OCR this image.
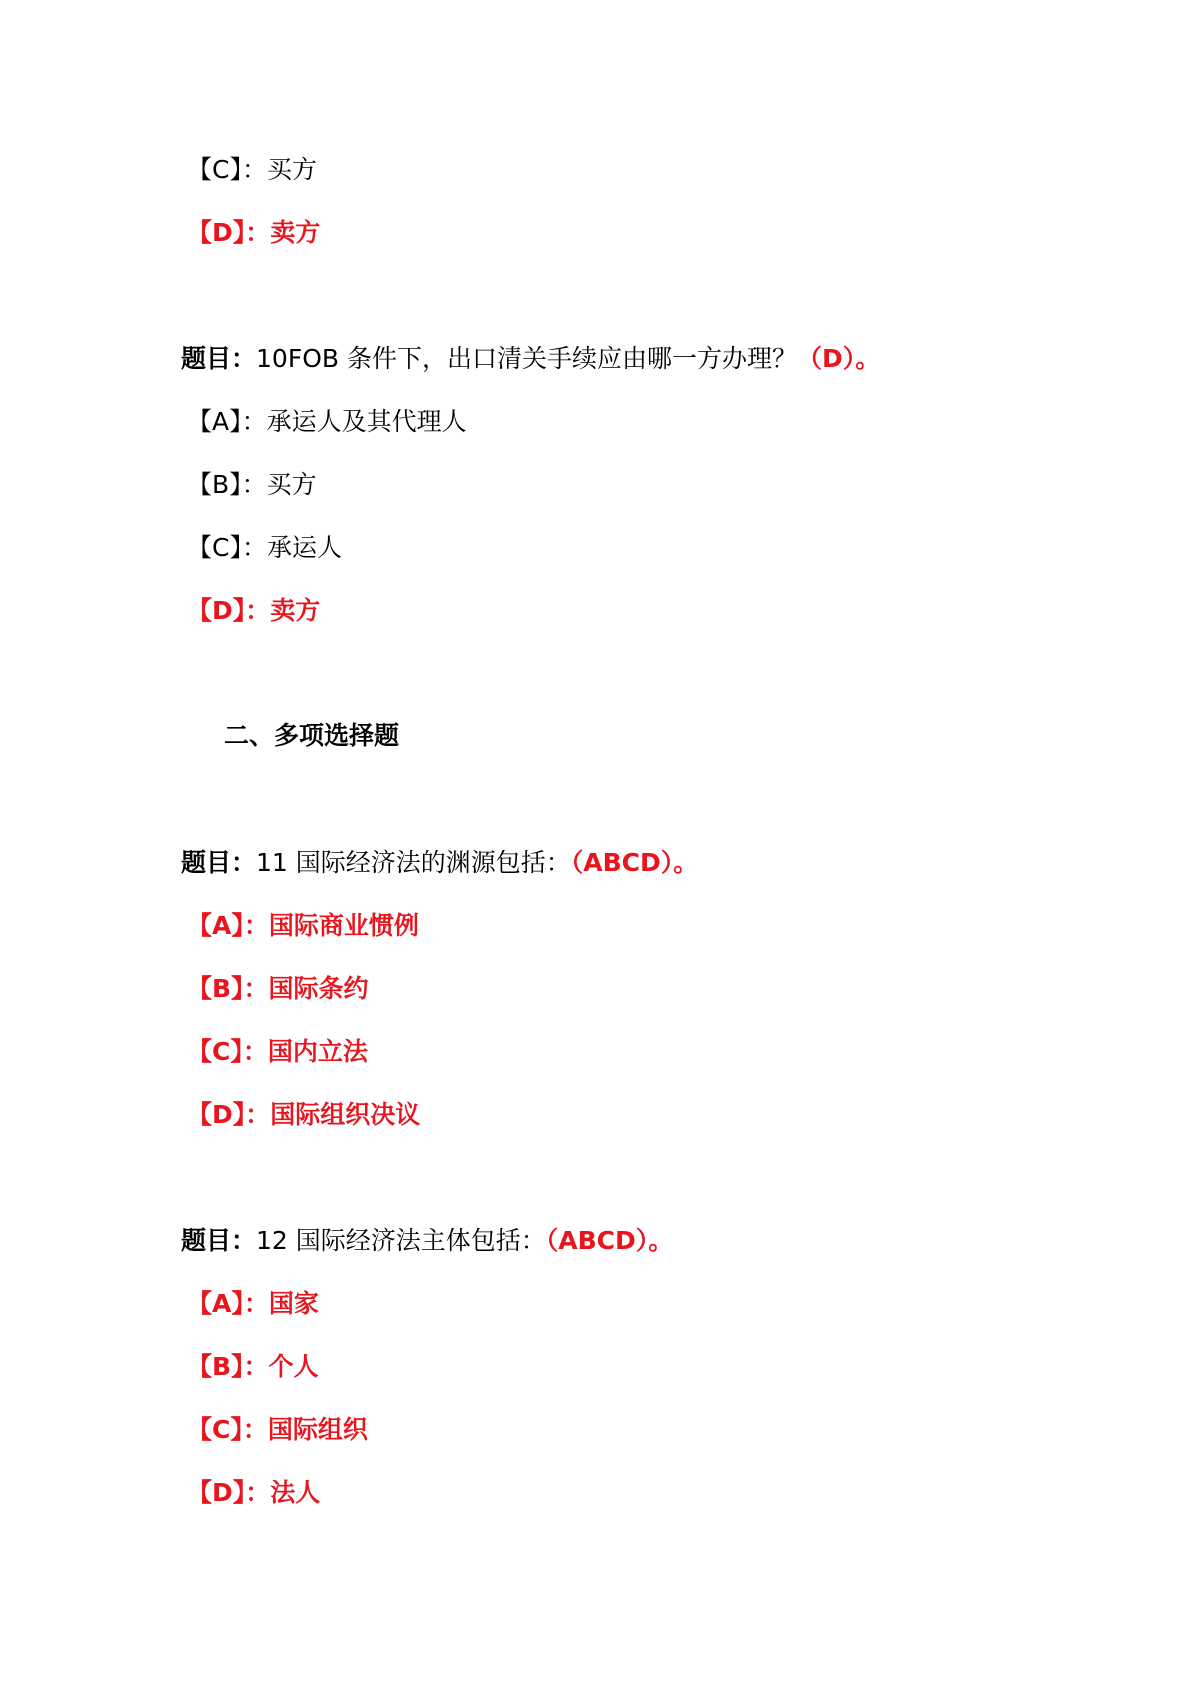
【C】：买方
【D】：卖方
题目：10FOB 条件下，出口清关手续应由哪一方办理？（D）。
【A】：承运人及其代理人
【B】：买方
【C】：承运人
【D】：卖方
二、多项选择题
题目：11 国际经济法的渊源包括：（ABCD）。
【A】：国际商业惯例
【B】：国际条约
【C】：国内立法
【D】：国际组织决议
题目：12 国际经济法主体包括：（ABCD）。
【A】：国家
【B】：个人
【C】：国际组织
【D】：法人
